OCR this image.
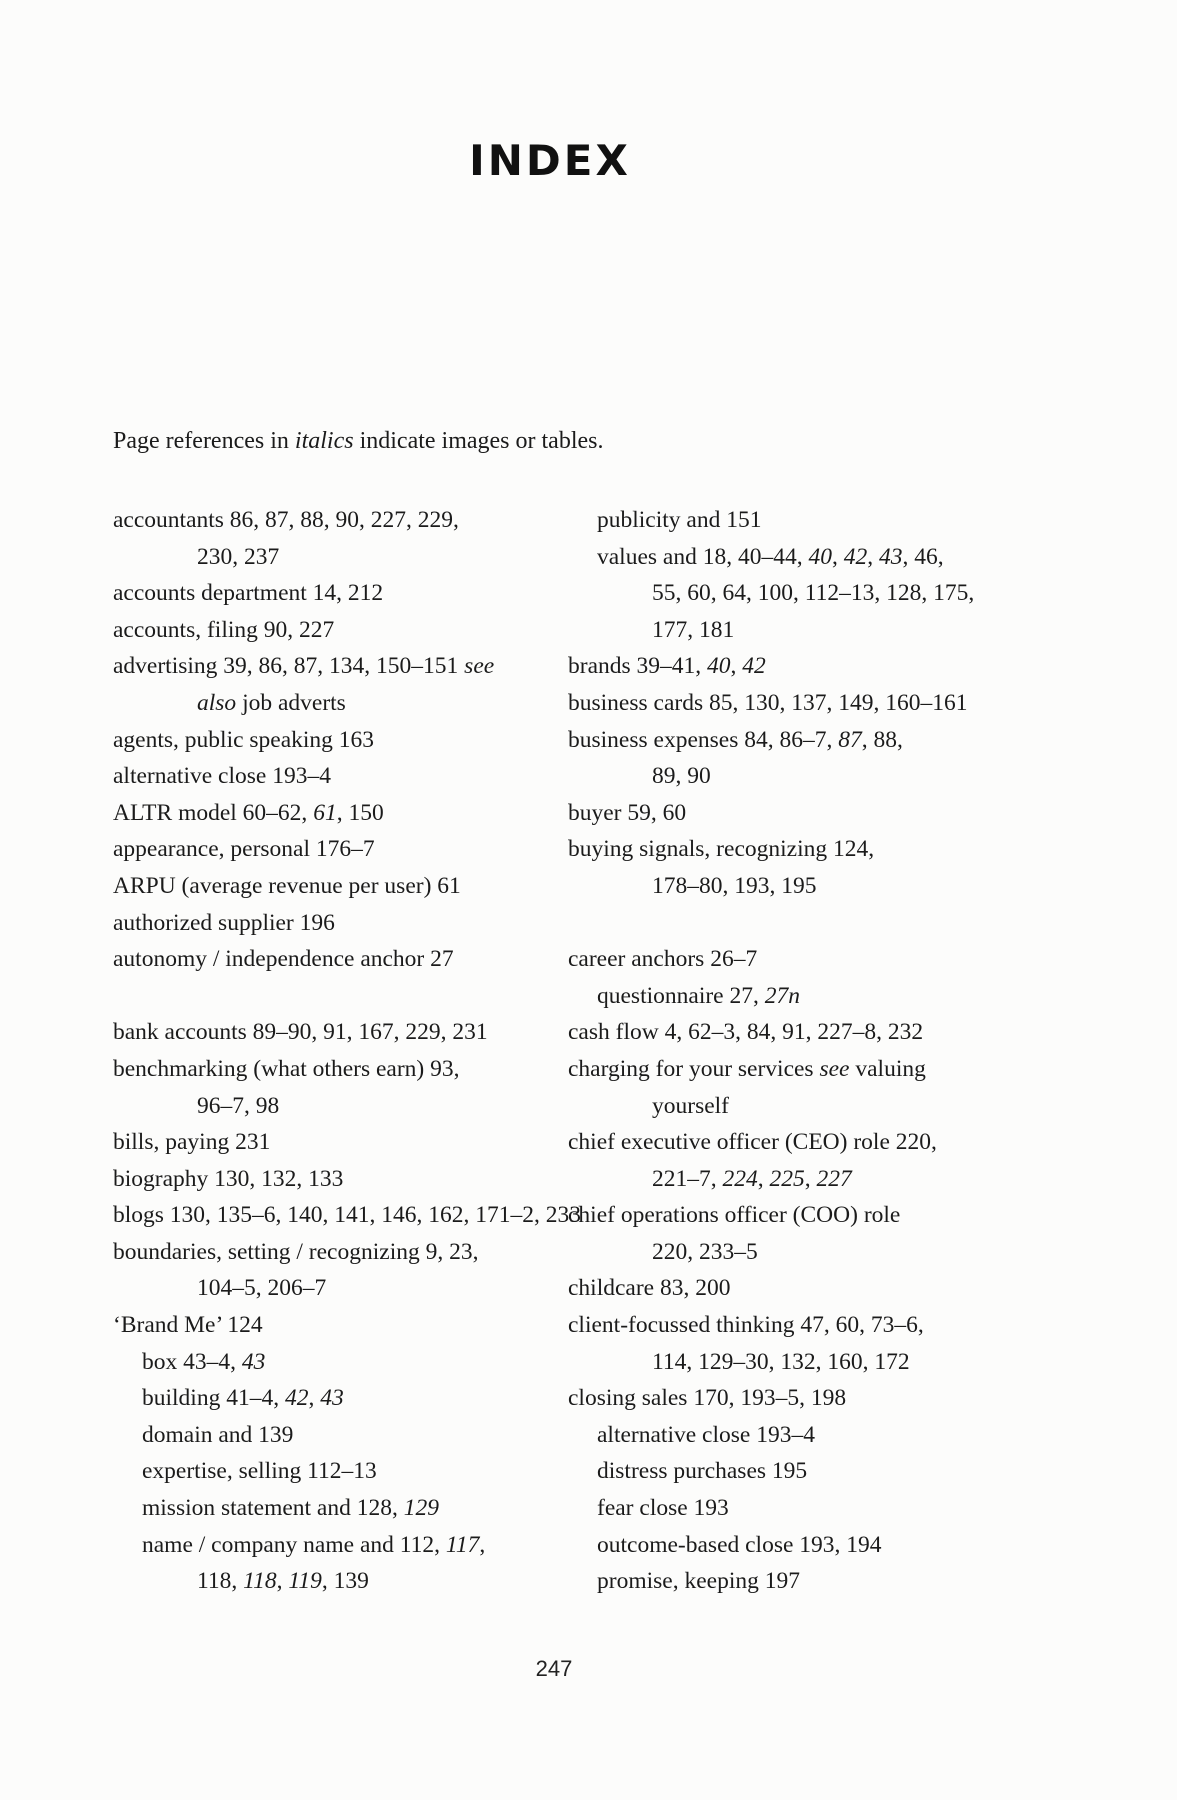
INDEX
Page references in italics indicate images or tables.
accountants 86, 87, 88, 90, 227, 229,
230, 237
accounts department 14, 212
accounts, filing 90, 227
advertising 39, 86, 87, 134, 150–151 see
also job adverts
agents, public speaking 163
alternative close 193–4
ALTR model 60–62, 61, 150
appearance, personal 176–7
ARPU (average revenue per user) 61
authorized supplier 196
autonomy / independence anchor 27
bank accounts 89–90, 91, 167, 229, 231
benchmarking (what others earn) 93,
96–7, 98
bills, paying 231
biography 130, 132, 133
blogs 130, 135–6, 140, 141, 146, 162, 171–2, 233
boundaries, setting / recognizing 9, 23,
104–5, 206–7
‘Brand Me’ 124
box 43–4, 43
building 41–4, 42, 43
domain and 139
expertise, selling 112–13
mission statement and 128, 129
name / company name and 112, 117,
118, 118, 119, 139
publicity and 151
values and 18, 40–44, 40, 42, 43, 46,
55, 60, 64, 100, 112–13, 128, 175,
177, 181
brands 39–41, 40, 42
business cards 85, 130, 137, 149, 160–161
business expenses 84, 86–7, 87, 88,
89, 90
buyer 59, 60
buying signals, recognizing 124,
178–80, 193, 195
career anchors 26–7
questionnaire 27, 27n
cash flow 4, 62–3, 84, 91, 227–8, 232
charging for your services see valuing
yourself
chief executive officer (CEO) role 220,
221–7, 224, 225, 227
chief operations officer (COO) role
220, 233–5
childcare 83, 200
client-focussed thinking 47, 60, 73–6,
114, 129–30, 132, 160, 172
closing sales 170, 193–5, 198
alternative close 193–4
distress purchases 195
fear close 193
outcome-based close 193, 194
promise, keeping 197
247
